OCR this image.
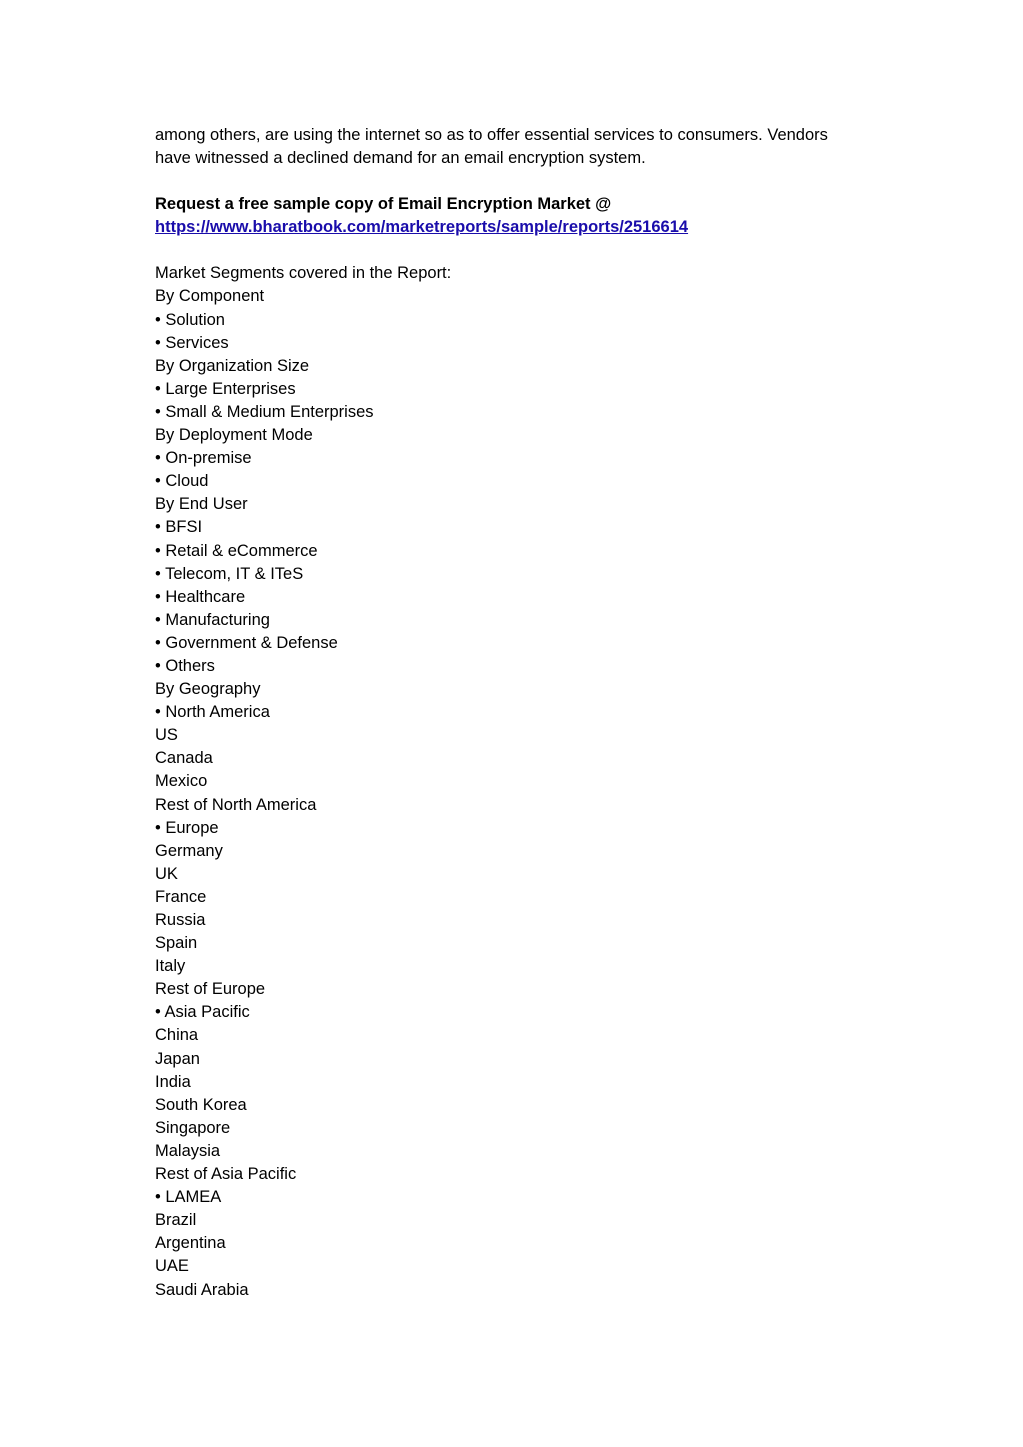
among others, are using the internet so as to offer essential services to consumers. Vendors
have witnessed a declined demand for an email encryption system.

Request a free sample copy of Email Encryption Market @
https://www.bharatbook.com/marketreports/sample/reports/2516614
Market Segments covered in the Report:
By Component
• Solution
• Services
By Organization Size
• Large Enterprises
• Small & Medium Enterprises
By Deployment Mode
• On-premise
• Cloud
By End User
• BFSI
• Retail & eCommerce
• Telecom, IT & ITeS
• Healthcare
• Manufacturing
• Government & Defense
• Others
By Geography
• North America
US
Canada
Mexico
Rest of North America
• Europe
Germany
UK
France
Russia
Spain
Italy
Rest of Europe
• Asia Pacific
China
Japan
India
South Korea
Singapore
Malaysia
Rest of Asia Pacific
• LAMEA
Brazil
Argentina
UAE
Saudi Arabia
